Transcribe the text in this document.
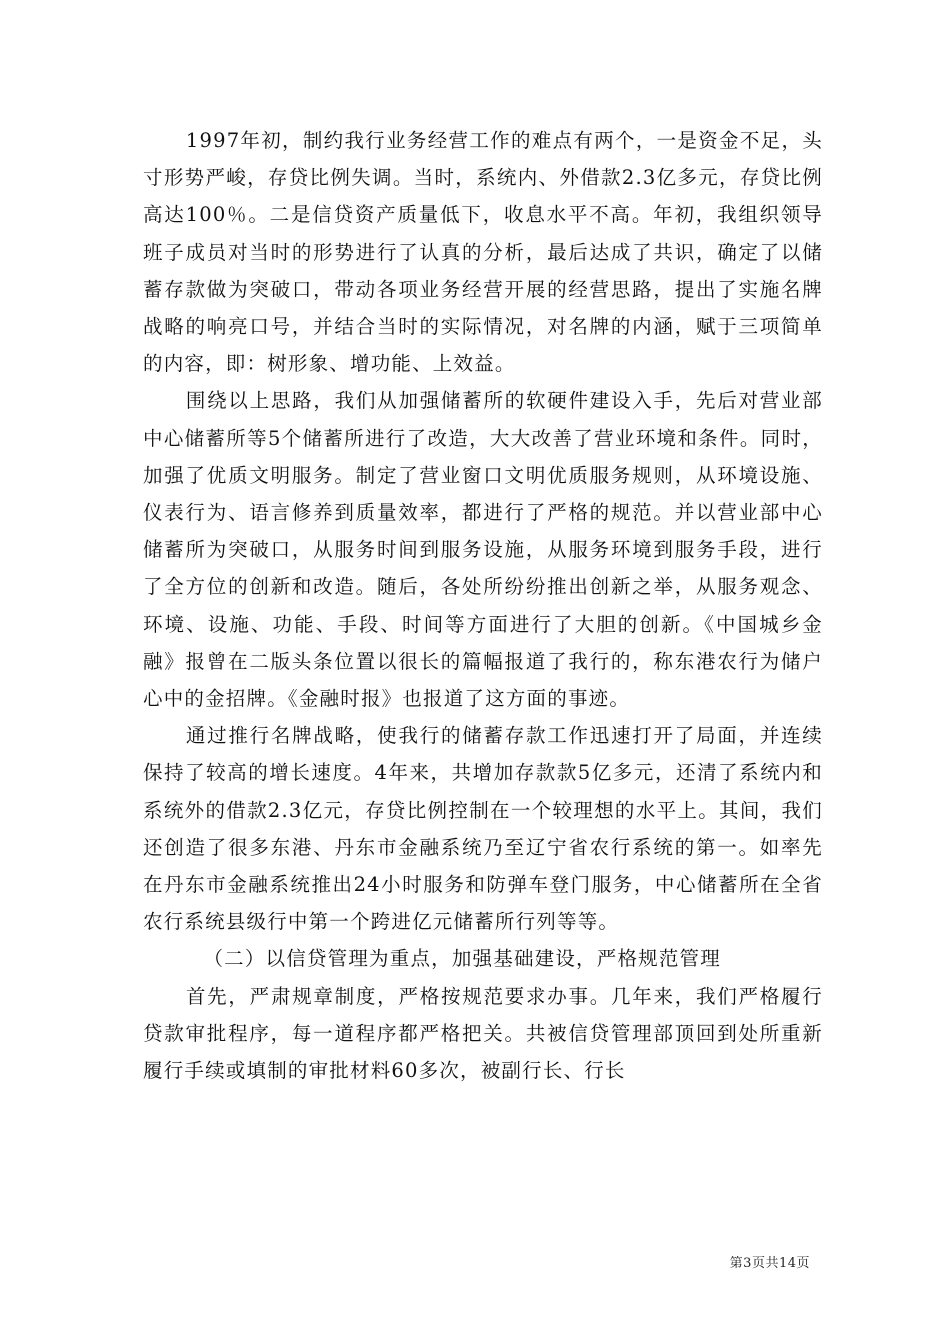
1997年初，制约我行业务经营工作的难点有两个，一是资金不足，头寸形势严峻，存贷比例失调。当时，系统内、外借款2.3亿多元，存贷比例高达100％。二是信贷资产质量低下，收息水平不高。年初，我组织领导班子成员对当时的形势进行了认真的分析，最后达成了共识，确定了以储蓄存款做为突破口，带动各项业务经营开展的经营思路，提出了实施名牌战略的响亮口号，并结合当时的实际情况，对名牌的内涵，赋于三项简单的内容，即：树形象、增功能、上效益。

围绕以上思路，我们从加强储蓄所的软硬件建设入手，先后对营业部中心储蓄所等5个储蓄所进行了改造，大大改善了营业环境和条件。同时，加强了优质文明服务。制定了营业窗口文明优质服务规则，从环境设施、仪表行为、语言修养到质量效率，都进行了严格的规范。并以营业部中心储蓄所为突破口，从服务时间到服务设施，从服务环境到服务手段，进行了全方位的创新和改造。随后，各处所纷纷推出创新之举，从服务观念、环境、设施、功能、手段、时间等方面进行了大胆的创新。《中国城乡金融》报曾在二版头条位置以很长的篇幅报道了我行的，称东港农行为储户心中的金招牌。《金融时报》也报道了这方面的事迹。

通过推行名牌战略，使我行的储蓄存款工作迅速打开了局面，并连续保持了较高的增长速度。4年来，共增加存款款5亿多元，还清了系统内和系统外的借款2.3亿元，存贷比例控制在一个较理想的水平上。其间，我们还创造了很多东港、丹东市金融系统乃至辽宁省农行系统的第一。如率先在丹东市金融系统推出24小时服务和防弹车登门服务，中心储蓄所在全省农行系统县级行中第一个跨进亿元储蓄所行列等等。

（二）以信贷管理为重点，加强基础建设，严格规范管理

首先，严肃规章制度，严格按规范要求办事。几年来，我们严格履行贷款审批程序，每一道程序都严格把关。共被信贷管理部顶回到处所重新履行手续或填制的审批材料60多次，被副行长、行长

第3页共14页
